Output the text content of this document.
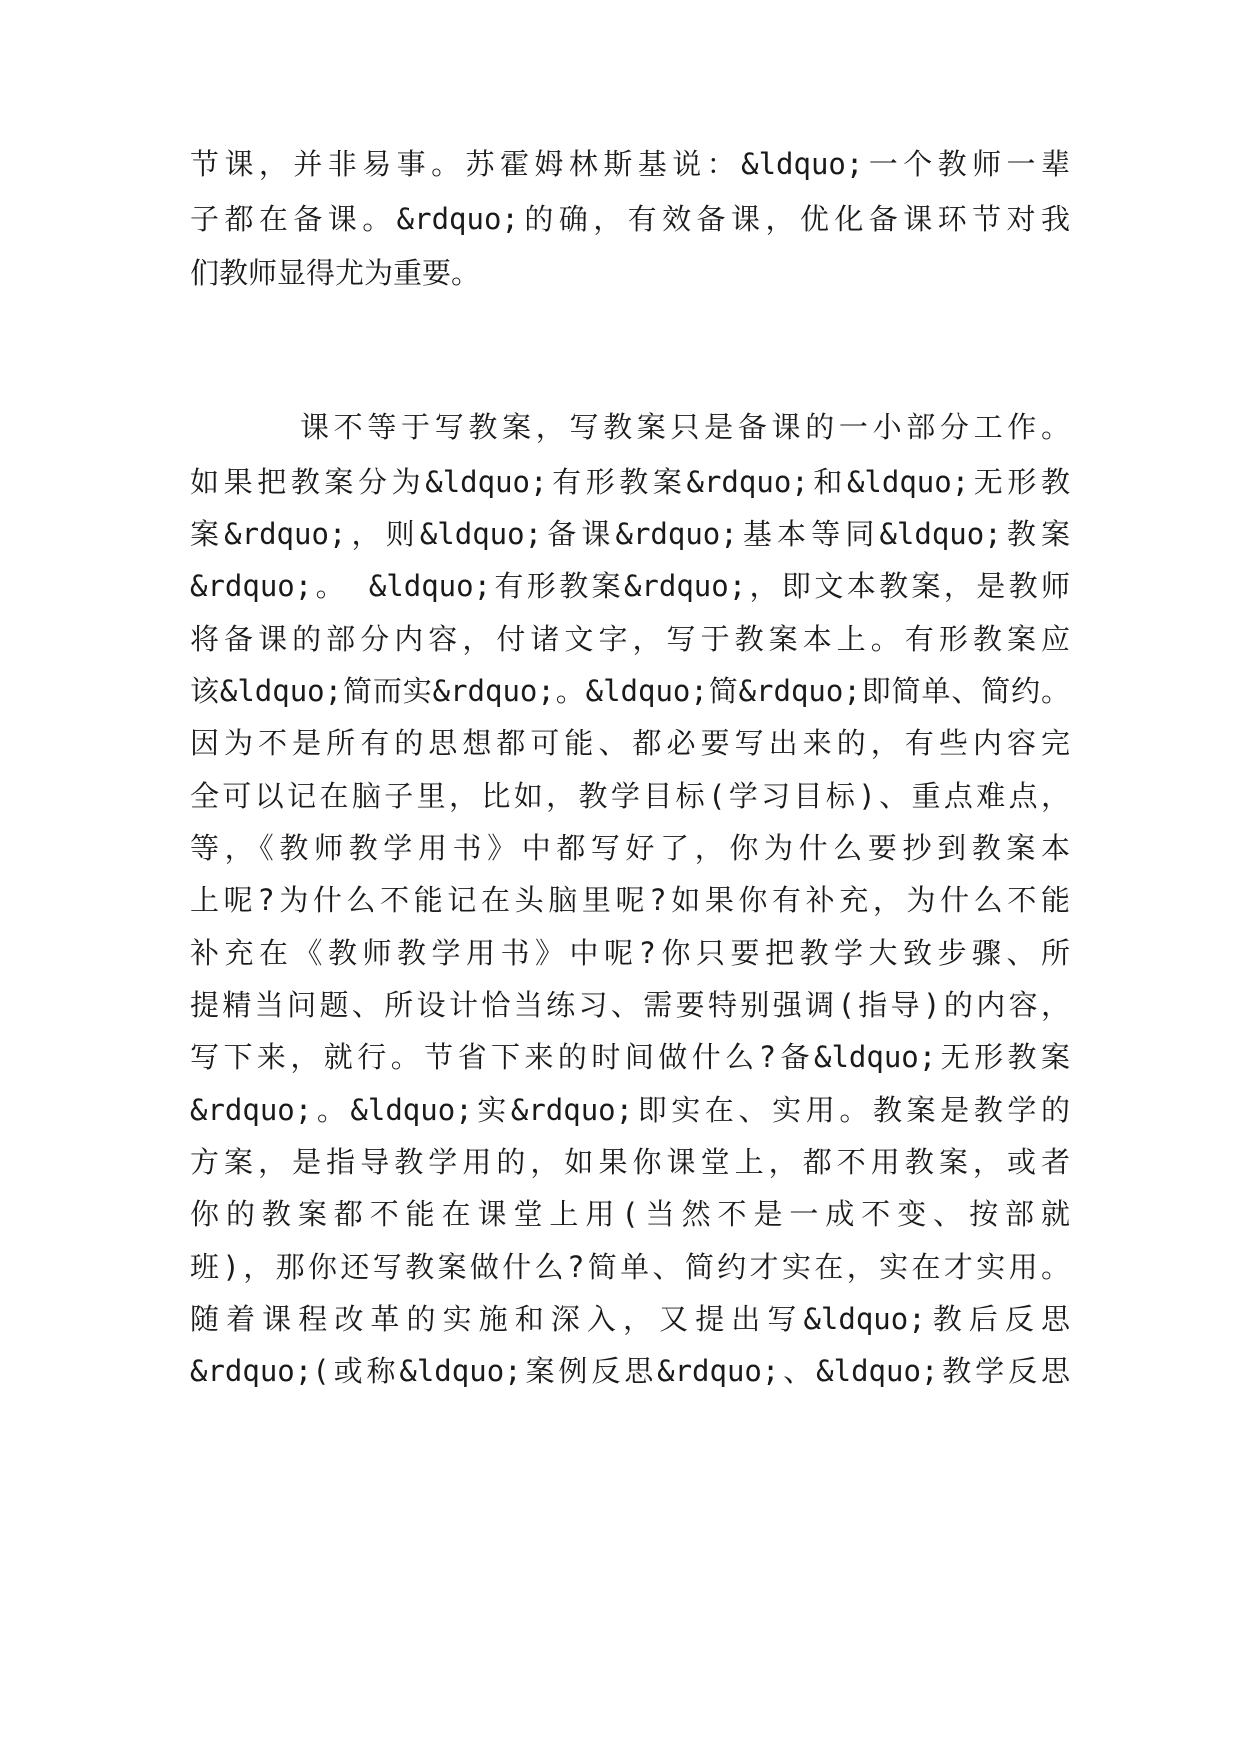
节课，并非易事。苏霍姆林斯基说：&ldquo;一个教师一辈

子都在备课。&rdquo;的确，有效备课，优化备课环节对我

们教师显得尤为重要。

课不等于写教案，写教案只是备课的一小部分工作。

如果把教案分为&ldquo;有形教案&rdquo;和&ldquo;无形教

案&rdquo;，则&ldquo;备课&rdquo;基本等同&ldquo;教案

&rdquo;。 &ldquo;有形教案&rdquo;，即文本教案，是教师

将备课的部分内容，付诸文字，写于教案本上。有形教案应

该&ldquo;简而实&rdquo;。&ldquo;简&rdquo;即简单、简约。

因为不是所有的思想都可能、都必要写出来的，有些内容完

全可以记在脑子里，比如，教学目标(学习目标)、重点难点，

等，《教师教学用书》中都写好了，你为什么要抄到教案本

上呢?为什么不能记在头脑里呢?如果你有补充，为什么不能

补充在《教师教学用书》中呢?你只要把教学大致步骤、所

提精当问题、所设计恰当练习、需要特别强调(指导)的内容，

写下来，就行。节省下来的时间做什么?备&ldquo;无形教案

&rdquo;。&ldquo;实&rdquo;即实在、实用。教案是教学的

方案，是指导教学用的，如果你课堂上，都不用教案，或者

你的教案都不能在课堂上用(当然不是一成不变、按部就

班)，那你还写教案做什么?简单、简约才实在，实在才实用。

随着课程改革的实施和深入，又提出写&ldquo;教后反思

&rdquo;(或称&ldquo;案例反思&rdquo;、&ldquo;教学反思
